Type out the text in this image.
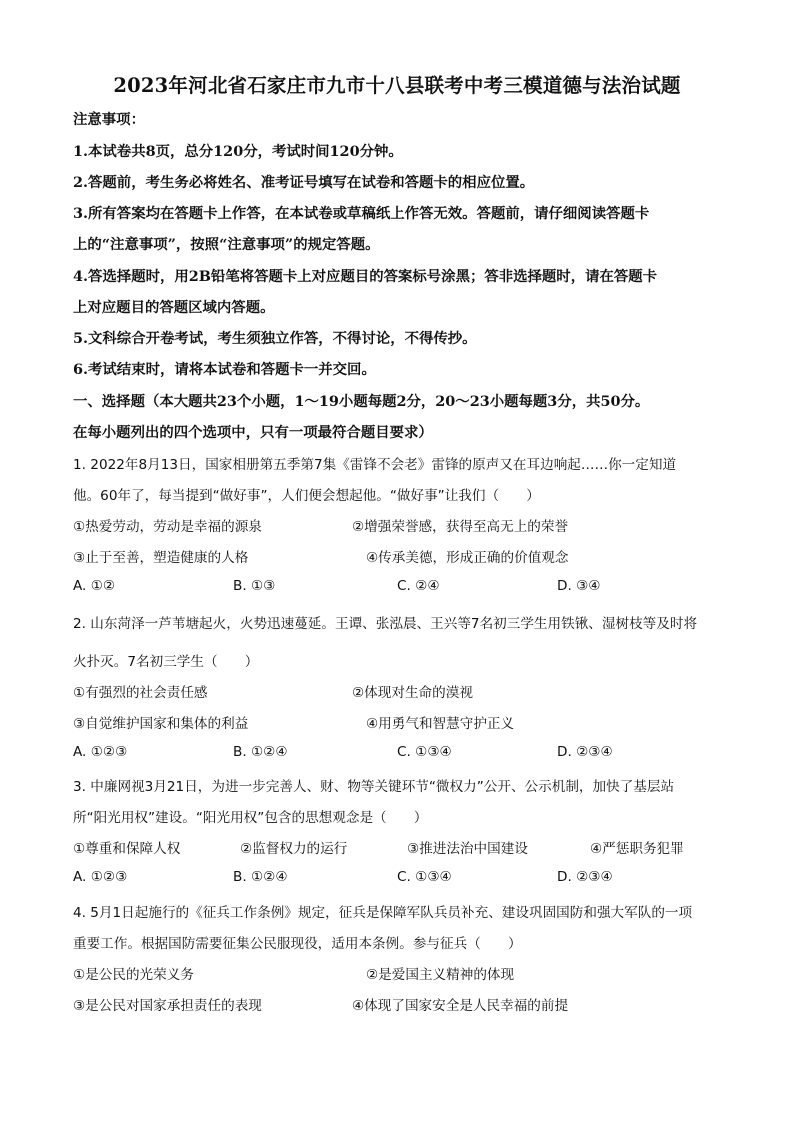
2023年河北省石家庄市九市十八县联考中考三模道德与法治试题
注意事项：
1.本试卷共8页，总分120分，考试时间120分钟。
2.答题前，考生务必将姓名、准考证号填写在试卷和答题卡的相应位置。
3.所有答案均在答题卡上作答，在本试卷或草稿纸上作答无效。答题前，请仔细阅读答题卡
上的“注意事项”，按照“注意事项”的规定答题。
4.答选择题时，用2B铅笔将答题卡上对应题目的答案标号涂黑；答非选择题时，请在答题卡
上对应题目的答题区域内答题。
5.文科综合开卷考试，考生须独立作答，不得讨论，不得传抄。
6.考试结束时，请将本试卷和答题卡一并交回。
一、选择题（本大题共23个小题，1～19小题每题2分，20～23小题每题3分，共50分。
在每小题列出的四个选项中，只有一项最符合题目要求）
1. 2022年8月13日，国家相册第五季第7集《雷锋不会老》雷锋的原声又在耳边响起……你一定知道
他。60年了，每当提到“做好事”，人们便会想起他。“做好事”让我们（　　）
①热爱劳动，劳动是幸福的源泉	②增强荣誉感，获得至高无上的荣誉
③止于至善，塑造健康的人格	④传承美德，形成正确的价值观念
A. ①②	B. ①③	C. ②④	D. ③④
2. 山东菏泽一芦苇塘起火，火势迅速蔓延。王谭、张泓晨、王兴等7名初三学生用铁锹、湿树枝等及时将
火扑灭。7名初三学生（　　）
①有强烈的社会责任感	②体现对生命的漠视
③自觉维护国家和集体的利益	④用勇气和智慧守护正义
A. ①②③	B. ①②④	C. ①③④	D. ②③④
3. 中廉网视3月21日，为进一步完善人、财、物等关键环节“微权力”公开、公示机制，加快了基层站
所“阳光用权”建设。“阳光用权”包含的思想观念是（　　）
①尊重和保障人权	②监督权力的运行	③推进法治中国建设	④严惩职务犯罪
A. ①②③	B. ①②④	C. ①③④	D. ②③④
4. 5月1日起施行的《征兵工作条例》规定，征兵是保障军队兵员补充、建设巩固国防和强大军队的一项
重要工作。根据国防需要征集公民服现役，适用本条例。参与征兵（　　）
①是公民的光荣义务	②是爱国主义精神的体现
③是公民对国家承担责任的表现	④体现了国家安全是人民幸福的前提
